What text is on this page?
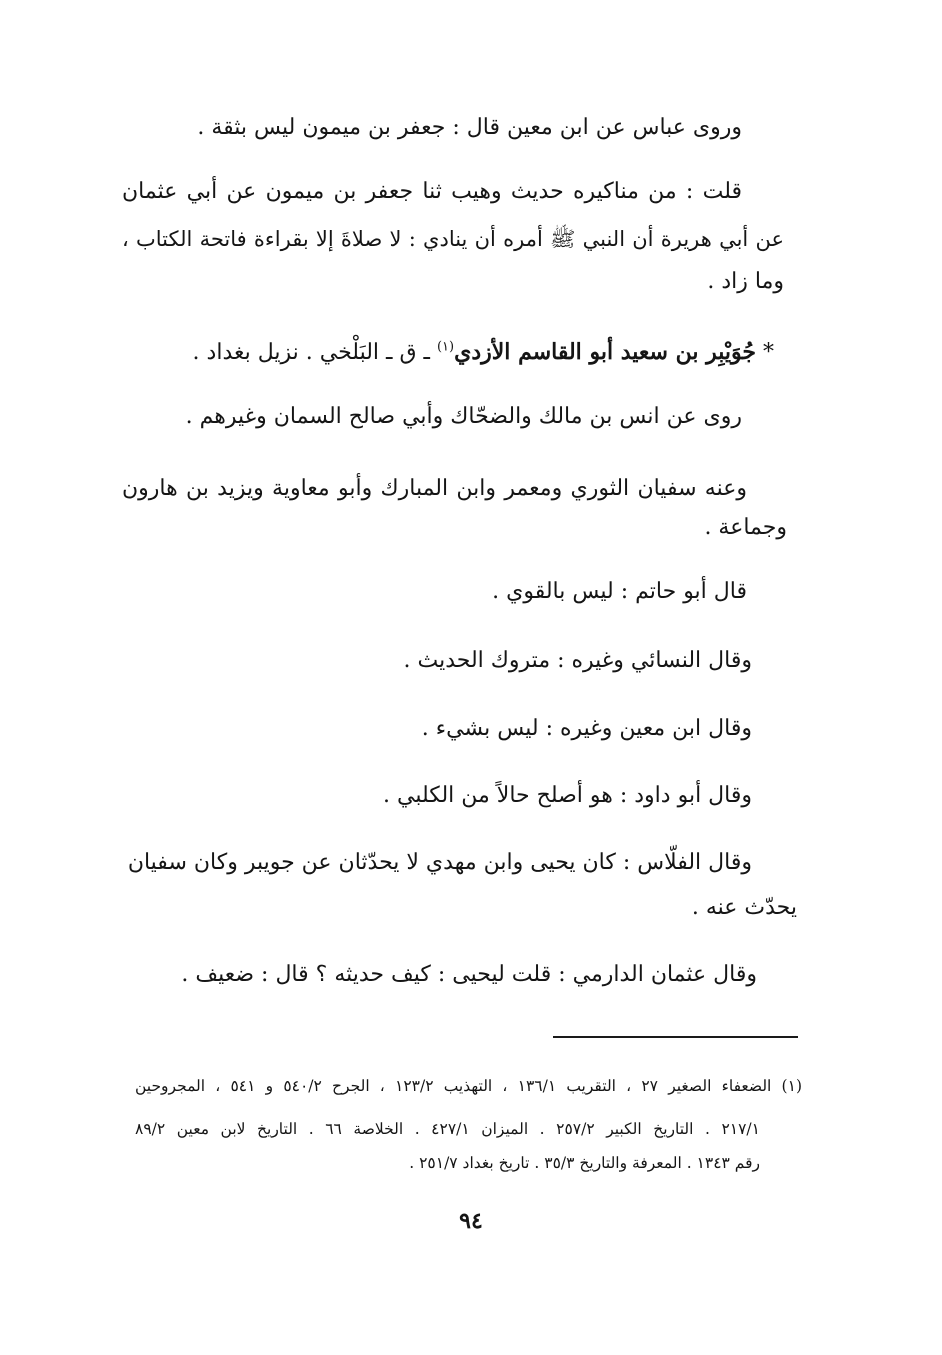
وروى عباس عن ابن معين قال : جعفر بن ميمون ليس بثقة .
قلت : من مناكيره حديث وهيب ثنا جعفر بن ميمون عن أبي عثمان
عن أبي هريرة أن النبي ﷺ أمره أن ينادي : لا صلاةَ إلا بقراءة فاتحة الكتاب ،
وما زاد .
* جُوَيْبِر بن سعيد أبو القاسم الأزدي$^{(١)}$ ـ ق ـ البَلْخي . نزيل بغداد .
روى عن انس بن مالك والضحّاك وأبي صالح السمان وغيرهم .
وعنه سفيان الثوري ومعمر وابن المبارك وأبو معاوية ويزيد بن هارون
وجماعة .
قال أبو حاتم : ليس بالقوي .
وقال النسائي وغيره : متروك الحديث .
وقال ابن معين وغيره : ليس بشيء .
وقال أبو داود : هو أصلح حالاً من الكلبي .
وقال الفلّاس : كان يحيى وابن مهدي لا يحدّثان عن جويبر وكان سفيان
يحدّث عنه .
وقال عثمان الدارمي : قلت ليحيى : كيف حديثه ؟ قال : ضعيف .
(١) الضعفاء الصغير ٢٧ ، التقريب ١٣٦/١ ، التهذيب ١٢٣/٢ ، الجرح ٥٤٠/٢ و ٥٤١ ، المجروحين
٢١٧/١ . التاريخ الكبير ٢٥٧/٢ . الميزان ٤٢٧/١ . الخلاصة ٦٦ . التاريخ لابن معين ٨٩/٢
رقم ١٣٤٣ . المعرفة والتاريخ ٣٥/٣ . تاريخ بغداد ٢٥١/٧ .
٩٤
